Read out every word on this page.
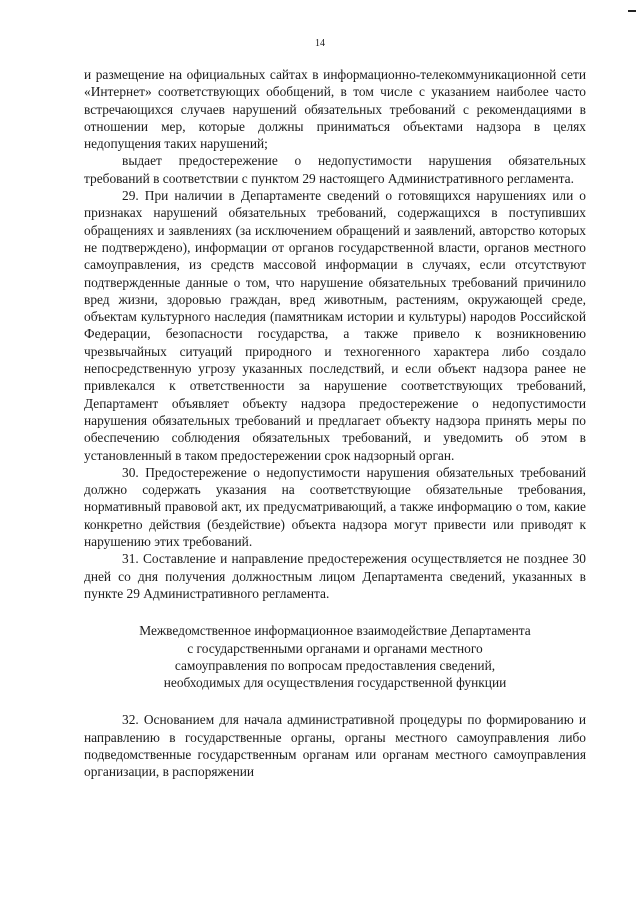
14

и размещение на официальных сайтах в информационно-телекоммуникационной сети «Интернет» соответствующих обобщений, в том числе с указанием наиболее часто встречающихся случаев нарушений обязательных требований с рекомендациями в отношении мер, которые должны приниматься объектами надзора в целях недопущения таких нарушений;

выдает предостережение о недопустимости нарушения обязательных требований в соответствии с пунктом 29 настоящего Административного регламента.

29. При наличии в Департаменте сведений о готовящихся нарушениях или о признаках нарушений обязательных требований, содержащихся в поступивших обращениях и заявлениях (за исключением обращений и заявлений, авторство которых не подтверждено), информации от органов государственной власти, органов местного самоуправления, из средств массовой информации в случаях, если отсутствуют подтвержденные данные о том, что нарушение обязательных требований причинило вред жизни, здоровью граждан, вред животным, растениям, окружающей среде, объектам культурного наследия (памятникам истории и культуры) народов Российской Федерации, безопасности государства, а также привело к возникновению чрезвычайных ситуаций природного и техногенного характера либо создало непосредственную угрозу указанных последствий, и если объект надзора ранее не привлекался к ответственности за нарушение соответствующих требований, Департамент объявляет объекту надзора предостережение о недопустимости нарушения обязательных требований и предлагает объекту надзора принять меры по обеспечению соблюдения обязательных требований, и уведомить об этом в установленный в таком предостережении срок надзорный орган.

30. Предостережение о недопустимости нарушения обязательных требований должно содержать указания на соответствующие обязательные требования, нормативный правовой акт, их предусматривающий, а также информацию о том, какие конкретно действия (бездействие) объекта надзора могут привести или приводят к нарушению этих требований.

31. Составление и направление предостережения осуществляется не позднее 30 дней со дня получения должностным лицом Департамента сведений, указанных в пункте 29 Административного регламента.

Межведомственное информационное взаимодействие Департамента
с государственными органами и органами местного
самоуправления по вопросам предоставления сведений,
необходимых для осуществления государственной функции

32. Основанием для начала административной процедуры по формированию и направлению в государственные органы, органы местного самоуправления либо подведомственные государственным органам или органам местного самоуправления организации, в распоряжении
